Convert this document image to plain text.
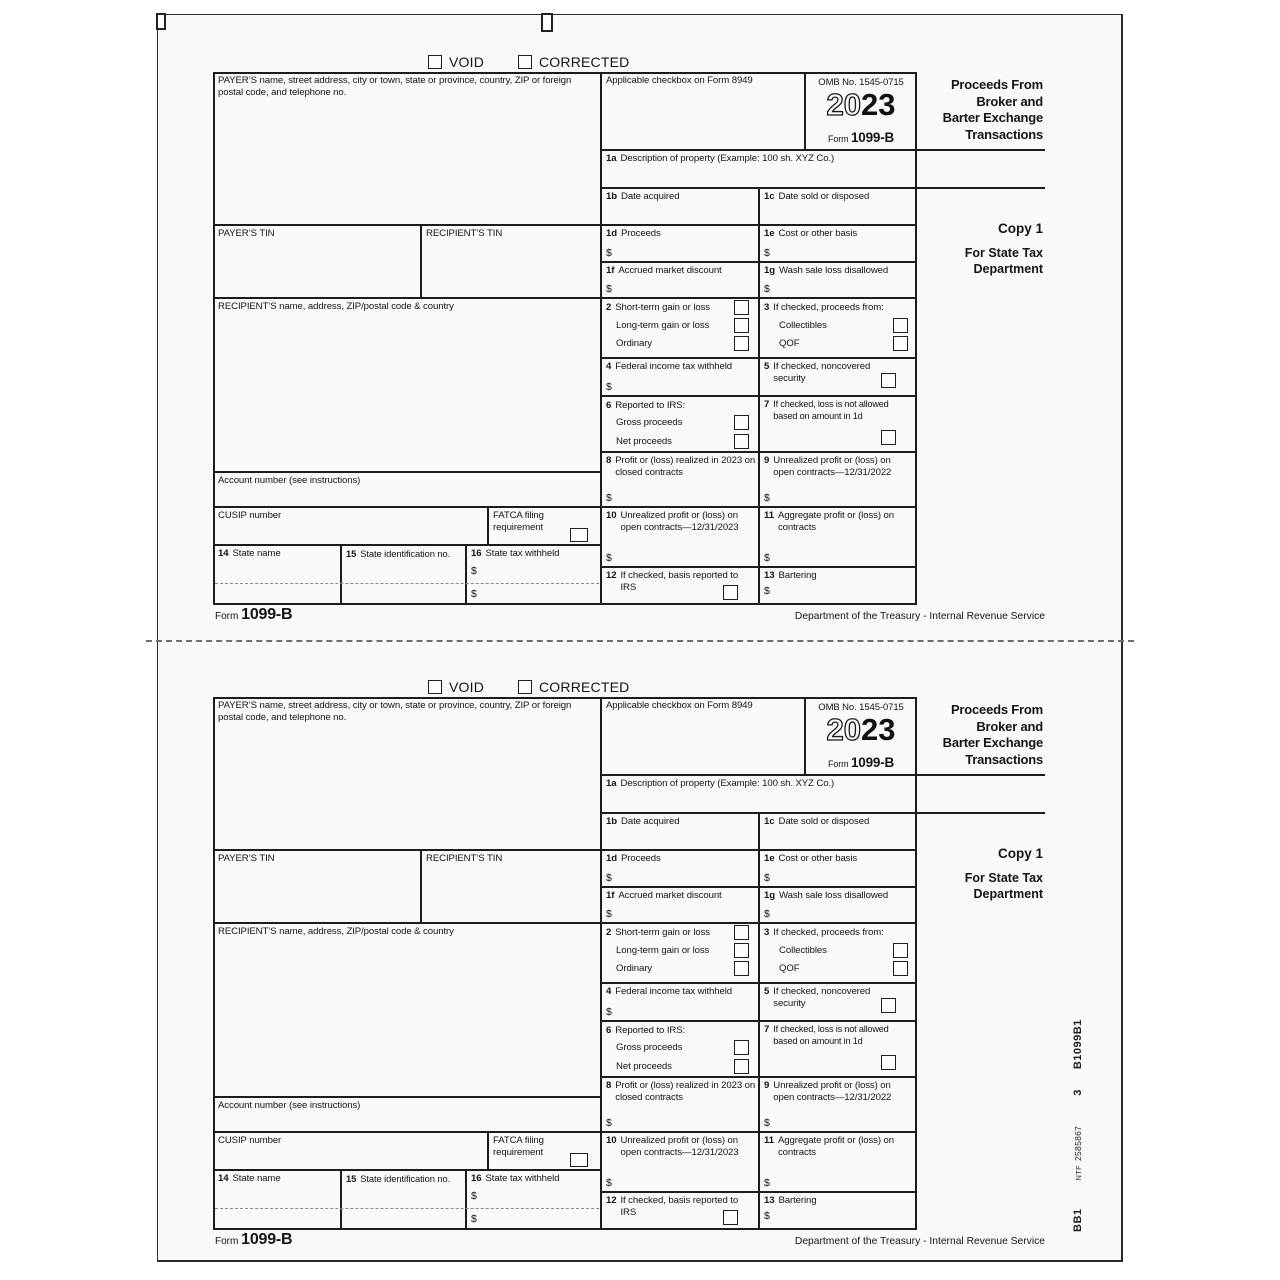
VOID	CORRECTED
PAYER’S name, street address, city or town, state or province, country, ZIP or foreign postal code, and telephone no.
PAYER’S TIN	RECIPIENT’S TIN
RECIPIENT’S name, address, ZIP/postal code & country
Account number (see instructions)
CUSIP number	FATCA filing requirement
14 State name	15 State identification no. 16 State tax withheld
$
$
Applicable checkbox on Form 8949	OMB No. 1545-0715
2023
Form 1099-B
Proceeds From
Broker and
Barter Exchange
Transactions
Copy 1
For State Tax Department
1a Description of property (Example: 100 sh. XYZ Co.)
1b Date acquired	1c Date sold or disposed
1d Proceeds
$
1e Cost or other basis
$
1f Accrued market discount
$
1g Wash sale loss disallowed
$
2 Short-term gain or loss
Long-term gain or loss
Ordinary
3 If checked, proceeds from:
Collectibles
QOF
4 Federal income tax withheld
$
5 If checked, noncovered security
6 Reported to IRS:
Gross proceeds
Net proceeds
7 If checked, loss is not allowed based on amount in 1d
8 Profit or (loss) realized in 2023 on closed contracts
$
9 Unrealized profit or (loss) on open contracts—12/31/2022
$
10 Unrealized profit or (loss) on open contracts—12/31/2023
$
11 Aggregate profit or (loss) on contracts
$
12 If checked, basis reported to IRS
13 Bartering
$
Form 1099-B	Department of the Treasury - Internal Revenue Service
VOID	CORRECTED
PAYER’S name, street address, city or town, state or province, country, ZIP or foreign postal code, and telephone no.
PAYER’S TIN	RECIPIENT’S TIN
RECIPIENT’S name, address, ZIP/postal code & country
Account number (see instructions)
CUSIP number	FATCA filing requirement
14 State name	15 State identification no. 16 State tax withheld
$
$
Applicable checkbox on Form 8949	OMB No. 1545-0715
2023
Form 1099-B
Proceeds From
Broker and
Barter Exchange
Transactions
Copy 1
For State Tax Department
1a Description of property (Example: 100 sh. XYZ Co.)
1b Date acquired	1c Date sold or disposed
1d Proceeds
$
1e Cost or other basis
$
1f Accrued market discount
$
1g Wash sale loss disallowed
$
2 Short-term gain or loss
Long-term gain or loss
Ordinary
3 If checked, proceeds from:
Collectibles
QOF
4 Federal income tax withheld
$
5 If checked, noncovered security
6 Reported to IRS:
Gross proceeds
Net proceeds
7 If checked, loss is not allowed based on amount in 1d
8 Profit or (loss) realized in 2023 on closed contracts
$
9 Unrealized profit or (loss) on open contracts—12/31/2022
$
10 Unrealized profit or (loss) on open contracts—12/31/2023
$
11 Aggregate profit or (loss) on contracts
$
12 If checked, basis reported to IRS
13 Bartering
$
Form 1099-B	Department of the Treasury - Internal Revenue Service
BB1
NTF
2585867
3
B1099B1
